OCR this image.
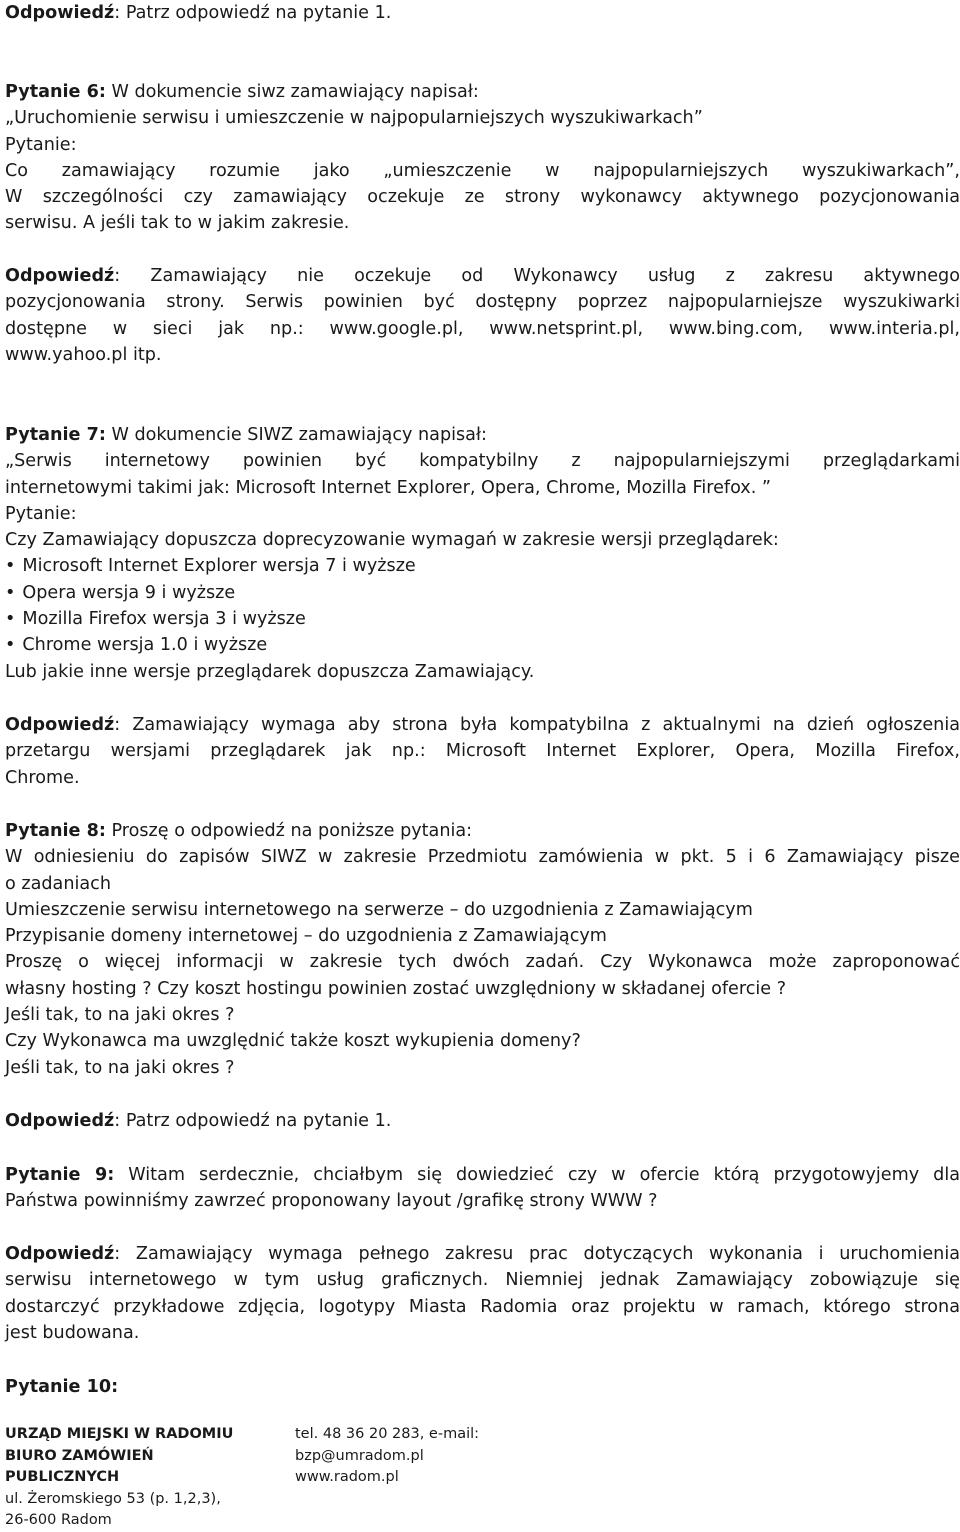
Odpowiedź: Patrz odpowiedź na pytanie 1.
Pytanie 6: W dokumencie siwz zamawiający napisał:
„Uruchomienie serwisu i umieszczenie w najpopularniejszych wyszukiwarkach”
Pytanie:
Co zamawiający rozumie jako „umieszczenie w najpopularniejszych wyszukiwarkach”,
W szczególności czy zamawiający oczekuje ze strony wykonawcy aktywnego pozycjonowania
serwisu. A jeśli tak to w jakim zakresie.
Odpowiedź: Zamawiający nie oczekuje od Wykonawcy usług z zakresu aktywnego
pozycjonowania strony. Serwis powinien być dostępny poprzez najpopularniejsze wyszukiwarki
dostępne w sieci jak np.: www.google.pl, www.netsprint.pl, www.bing.com, www.interia.pl,
www.yahoo.pl itp.
Pytanie 7: W dokumencie SIWZ zamawiający napisał:
„Serwis internetowy powinien być kompatybilny z najpopularniejszymi przeglądarkami
internetowymi takimi jak: Microsoft Internet Explorer, Opera, Chrome, Mozilla Firefox. ”
Pytanie:
Czy Zamawiający dopuszcza doprecyzowanie wymagań w zakresie wersji przeglądarek:
• Microsoft Internet Explorer wersja 7 i wyższe
• Opera wersja 9 i wyższe
• Mozilla Firefox wersja 3 i wyższe
• Chrome wersja 1.0 i wyższe
Lub jakie inne wersje przeglądarek dopuszcza Zamawiający.
Odpowiedź: Zamawiający wymaga aby strona była kompatybilna z aktualnymi na dzień ogłoszenia
przetargu wersjami przeglądarek jak np.: Microsoft Internet Explorer, Opera, Mozilla Firefox,
Chrome.
Pytanie 8: Proszę o odpowiedź na poniższe pytania:
W odniesieniu do zapisów SIWZ w zakresie Przedmiotu zamówienia w pkt. 5 i 6 Zamawiający pisze
o zadaniach
Umieszczenie serwisu internetowego na serwerze – do uzgodnienia z Zamawiającym
Przypisanie domeny internetowej – do uzgodnienia z Zamawiającym
Proszę o więcej informacji w zakresie tych dwóch zadań. Czy Wykonawca może zaproponować
własny hosting ? Czy koszt hostingu powinien zostać uwzględniony w składanej ofercie ?
Jeśli tak, to na jaki okres ?
Czy Wykonawca ma uwzględnić także koszt wykupienia domeny?
Jeśli tak, to na jaki okres ?
Odpowiedź: Patrz odpowiedź na pytanie 1.
Pytanie 9: Witam serdecznie, chciałbym się dowiedzieć czy w ofercie którą przygotowyjemy dla
Państwa powinniśmy zawrzeć proponowany layout /grafikę strony WWW ?
Odpowiedź: Zamawiający wymaga pełnego zakresu prac dotyczących wykonania i uruchomienia
serwisu internetowego w tym usług graficznych. Niemniej jednak Zamawiający zobowiązuje się
dostarczyć przykładowe zdjęcia, logotypy Miasta Radomia oraz projektu w ramach, którego strona
jest budowana.
Pytanie 10:
URZĄD MIEJSKI W RADOMIU
BIURO ZAMÓWIEŃ
PUBLICZNYCH
ul. Żeromskiego 53 (p. 1,2,3),
26-600 Radom
tel. 48 36 20 283, e-mail:
bzp@umradom.pl
www.radom.pl
